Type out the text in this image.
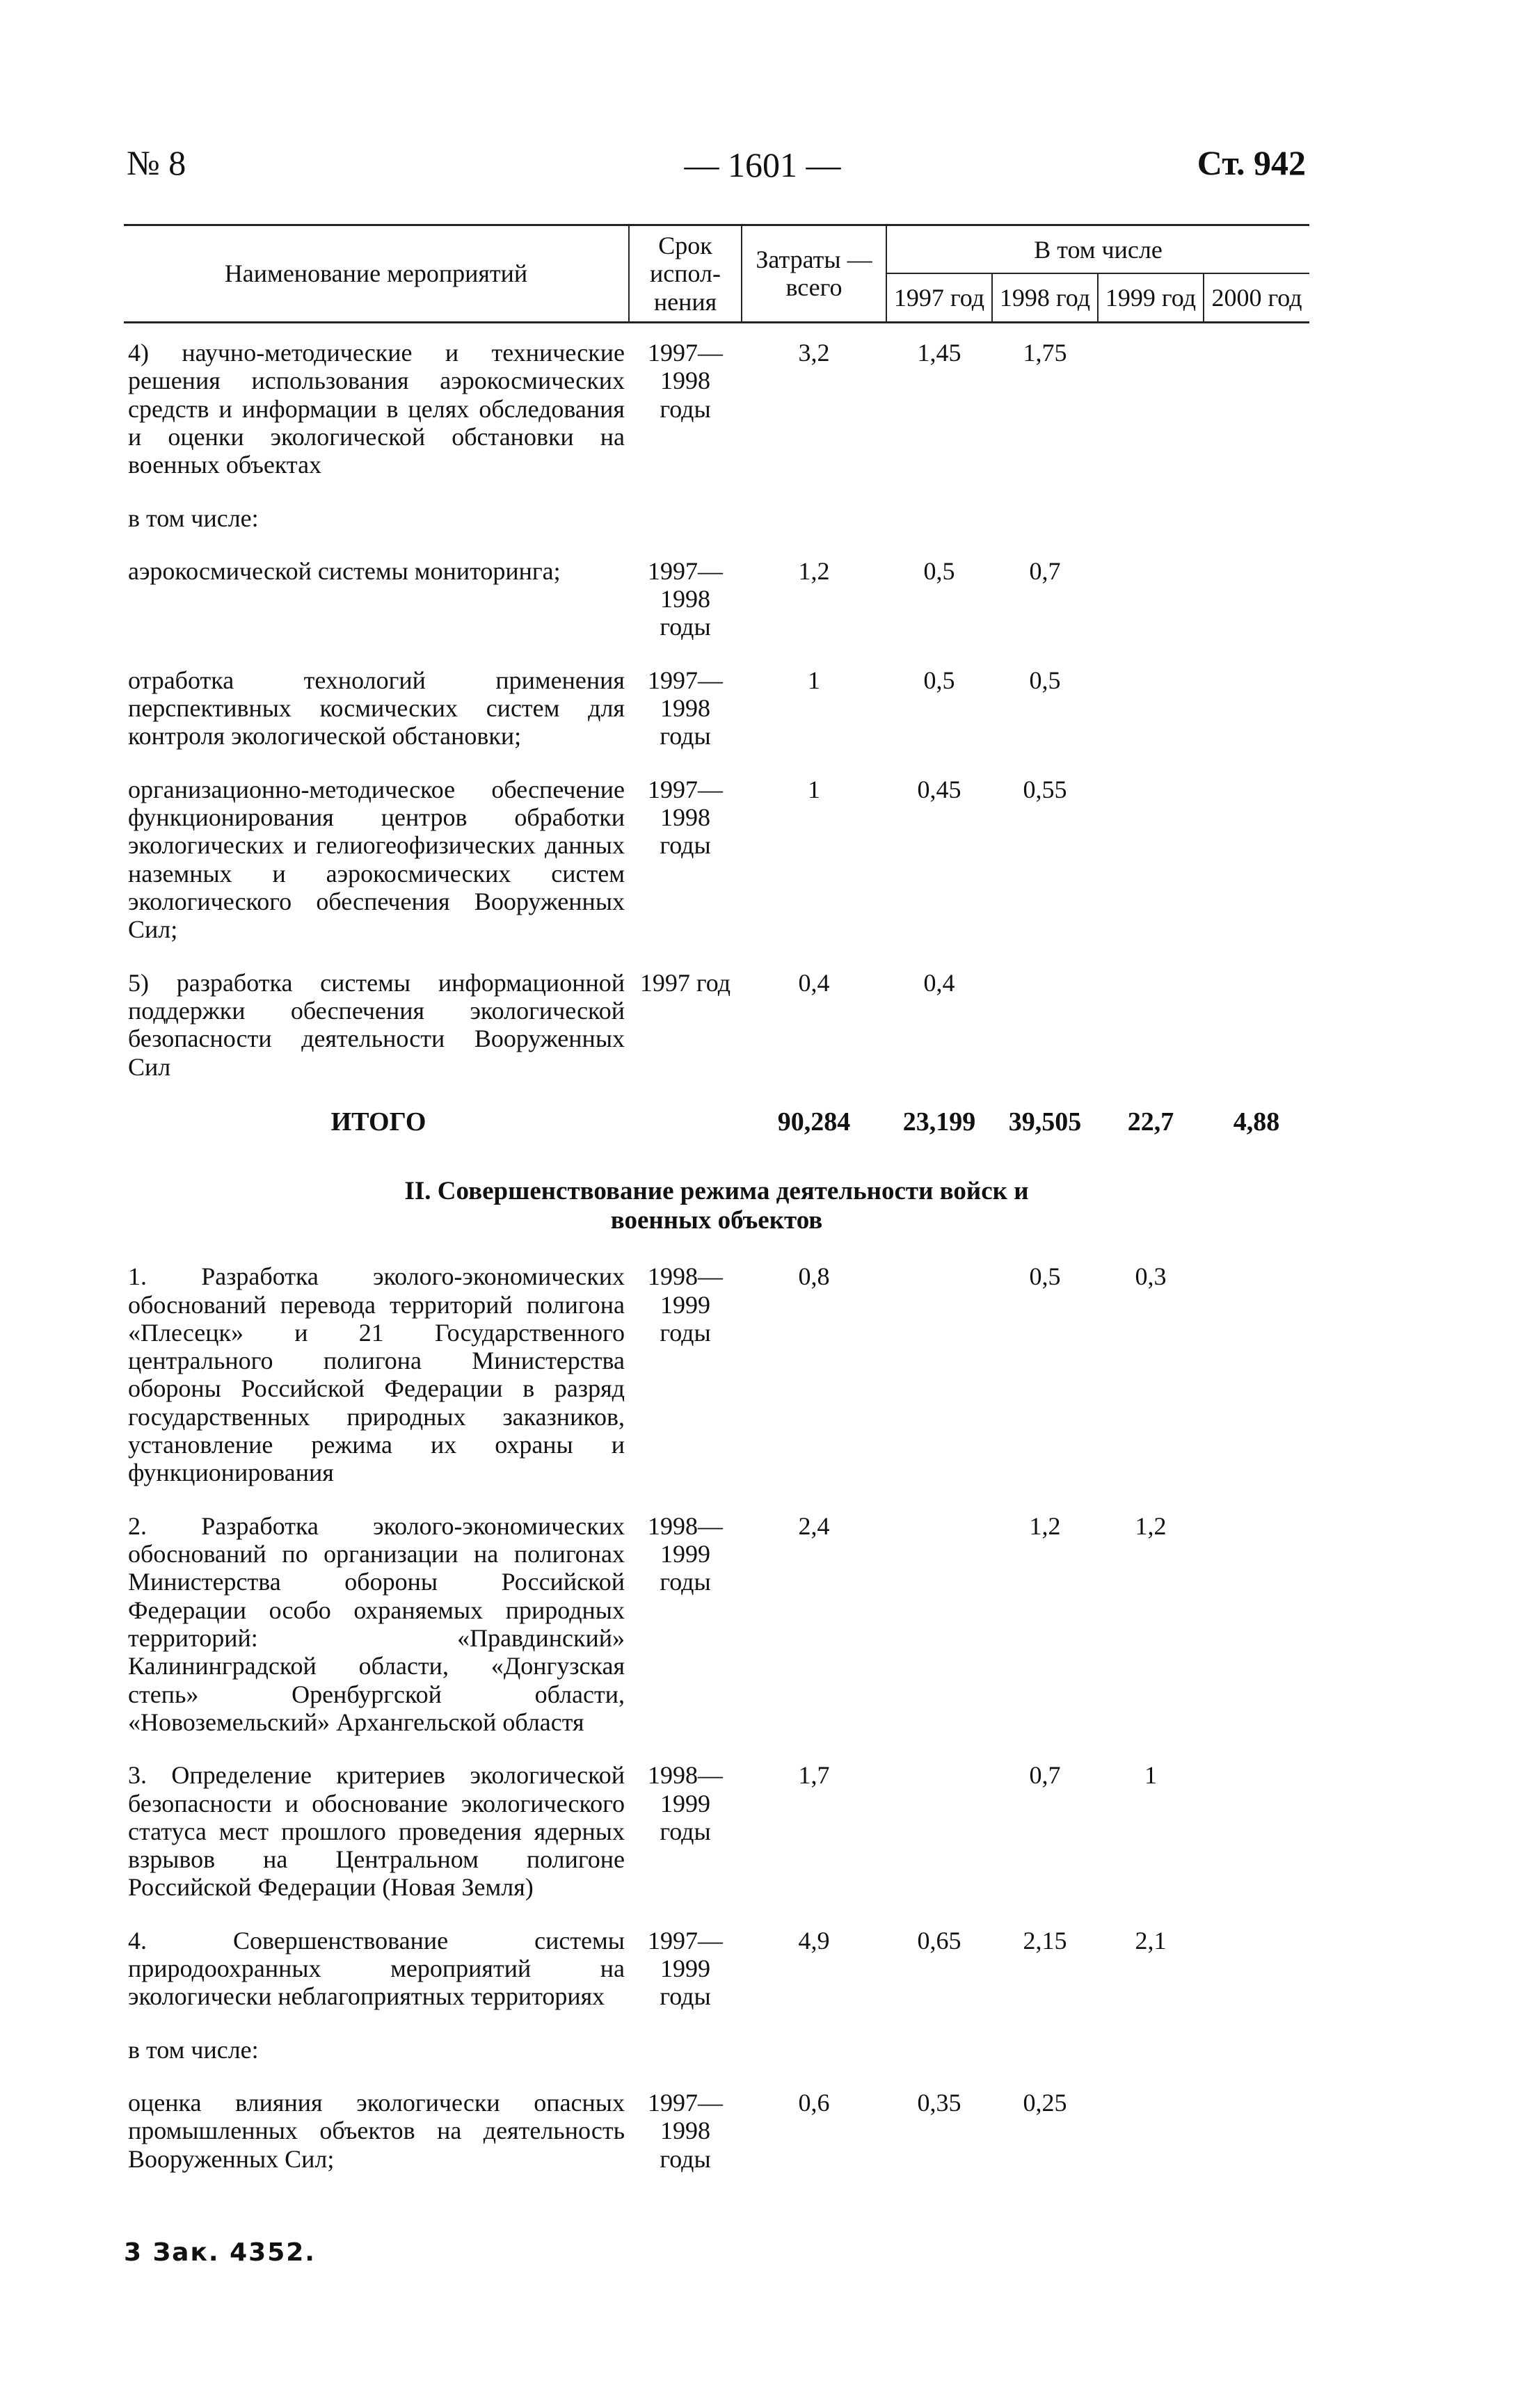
№ 8	— 1601 —	Ст. 942
Наименование мероприятий	Срок испол- нения	Затраты — всего	В том числе			
			1997 год	1998 год	1999 год	2000 год
4) научно-методические и технические решения использования аэрокосмических средств и информации в целях обследования и оценки экологической обстановки на военных объектах	1997— 1998 годы	3,2	1,45	1,75		
в том числе:						
аэрокосмической системы мониторинга;	1997— 1998 годы	1,2	0,5	0,7		
отработка технологий применения перспективных космических систем для контроля экологической обстановки;	1997— 1998 годы	1	0,5	0,5		
организационно-методическое обеспечение функционирования центров обработки экологических и гелиогеофизических данных наземных и аэрокосмических систем экологического обеспечения Вооруженных Сил;	1997— 1998 годы	1	0,45	0,55		
5) разработка системы информационной поддержки обеспечения экологической безопасности деятельности Вооруженных Сил	1997 год	0,4	0,4			
ИТОГО		90,284	23,199	39,505	22,7	4,88

II. Совершенствование режима деятельности войск и военных объектов						

1. Разработка эколого-экономических обоснований перевода территорий полигона «Плесецк» и 21 Государственного центрального полигона Министерства обороны Российской Федерации в разряд государственных природных заказников, установление режима их охраны и функционирования	1998— 1999 годы	0,8		0,5	0,3	
2. Разработка эколого-экономических обоснований по организации на полигонах Министерства обороны Российской Федерации особо охраняемых природных территорий: «Правдинский» Калининградской области, «Донгузская степь» Оренбургской области, «Новоземельский» Архангельской областя	1998— 1999 годы	2,4		1,2	1,2	
3. Определение критериев экологической безопасности и обоснование экологического статуса мест прошлого проведения ядерных взрывов на Центральном полигоне Российской Федерации (Новая Земля)	1998— 1999 годы	1,7		0,7	1	
4. Совершенствование системы природоохранных мероприятий на экологически неблагоприятных территориях	1997— 1999 годы	4,9	0,65	2,15	2,1	
в том числе:						
оценка влияния экологически опасных промышленных объектов на деятельность Вооруженных Сил;	1997— 1998 годы	0,6	0,35	0,25		
3 Зак. 4352.
